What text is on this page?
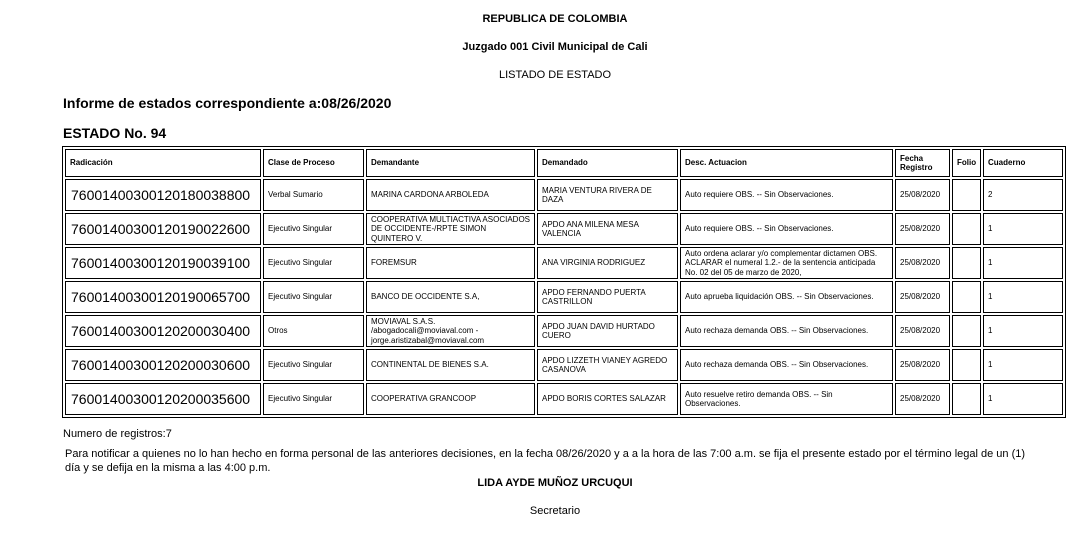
REPUBLICA DE COLOMBIA
Juzgado 001 Civil Municipal de Cali
LISTADO DE ESTADO
Informe de estados correspondiente a:08/26/2020
ESTADO No. 94
Radicación	Clase de Proceso	Demandante	Demandado	Desc. Actuacion	Fecha Registro	Folio	Cuaderno
76001400300120180038800	Verbal Sumario	MARINA CARDONA ARBOLEDA	MARIA VENTURA RIVERA DE DAZA	Auto requiere OBS. -- Sin Observaciones.	25/08/2020		2
76001400300120190022600	Ejecutivo Singular	COOPERATIVA MULTIACTIVA ASOCIADOS DE OCCIDENTE-/RPTE SIMON QUINTERO V.	APDO ANA MILENA MESA VALENCIA	Auto requiere OBS. -- Sin Observaciones.	25/08/2020		1
76001400300120190039100	Ejecutivo Singular	FOREMSUR	ANA VIRGINIA RODRIGUEZ	Auto ordena aclarar y/o complementar dictamen OBS. ACLARAR el numeral 1.2.- de la sentencia anticipada No. 02 del 05 de marzo de 2020,	25/08/2020		1
76001400300120190065700	Ejecutivo Singular	BANCO DE OCCIDENTE S.A,	APDO FERNANDO PUERTA CASTRILLON	Auto aprueba liquidación OBS. -- Sin Observaciones.	25/08/2020		1
76001400300120200030400	Otros	MOVIAVAL S.A.S. /abogadocali@moviaval.com - jorge.aristizabal@moviaval.com	APDO JUAN DAVID HURTADO CUERO	Auto rechaza demanda OBS. -- Sin Observaciones.	25/08/2020		1
76001400300120200030600	Ejecutivo Singular	CONTINENTAL DE BIENES S.A.	APDO LIZZETH VIANEY AGREDO CASANOVA	Auto rechaza demanda OBS. -- Sin Observaciones.	25/08/2020		1
76001400300120200035600	Ejecutivo Singular	COOPERATIVA GRANCOOP	APDO BORIS CORTES SALAZAR	Auto resuelve retiro demanda OBS. -- Sin Observaciones.	25/08/2020		1
Numero de registros:7
Para notificar a quienes no lo han hecho en forma personal de las anteriores decisiones, en la fecha 08/26/2020 y a a la hora de las 7:00 a.m. se fija el presente estado por el término legal de un (1) día y se defija en la misma a las 4:00 p.m.
LIDA AYDE MUÑOZ URCUQUI
Secretario
